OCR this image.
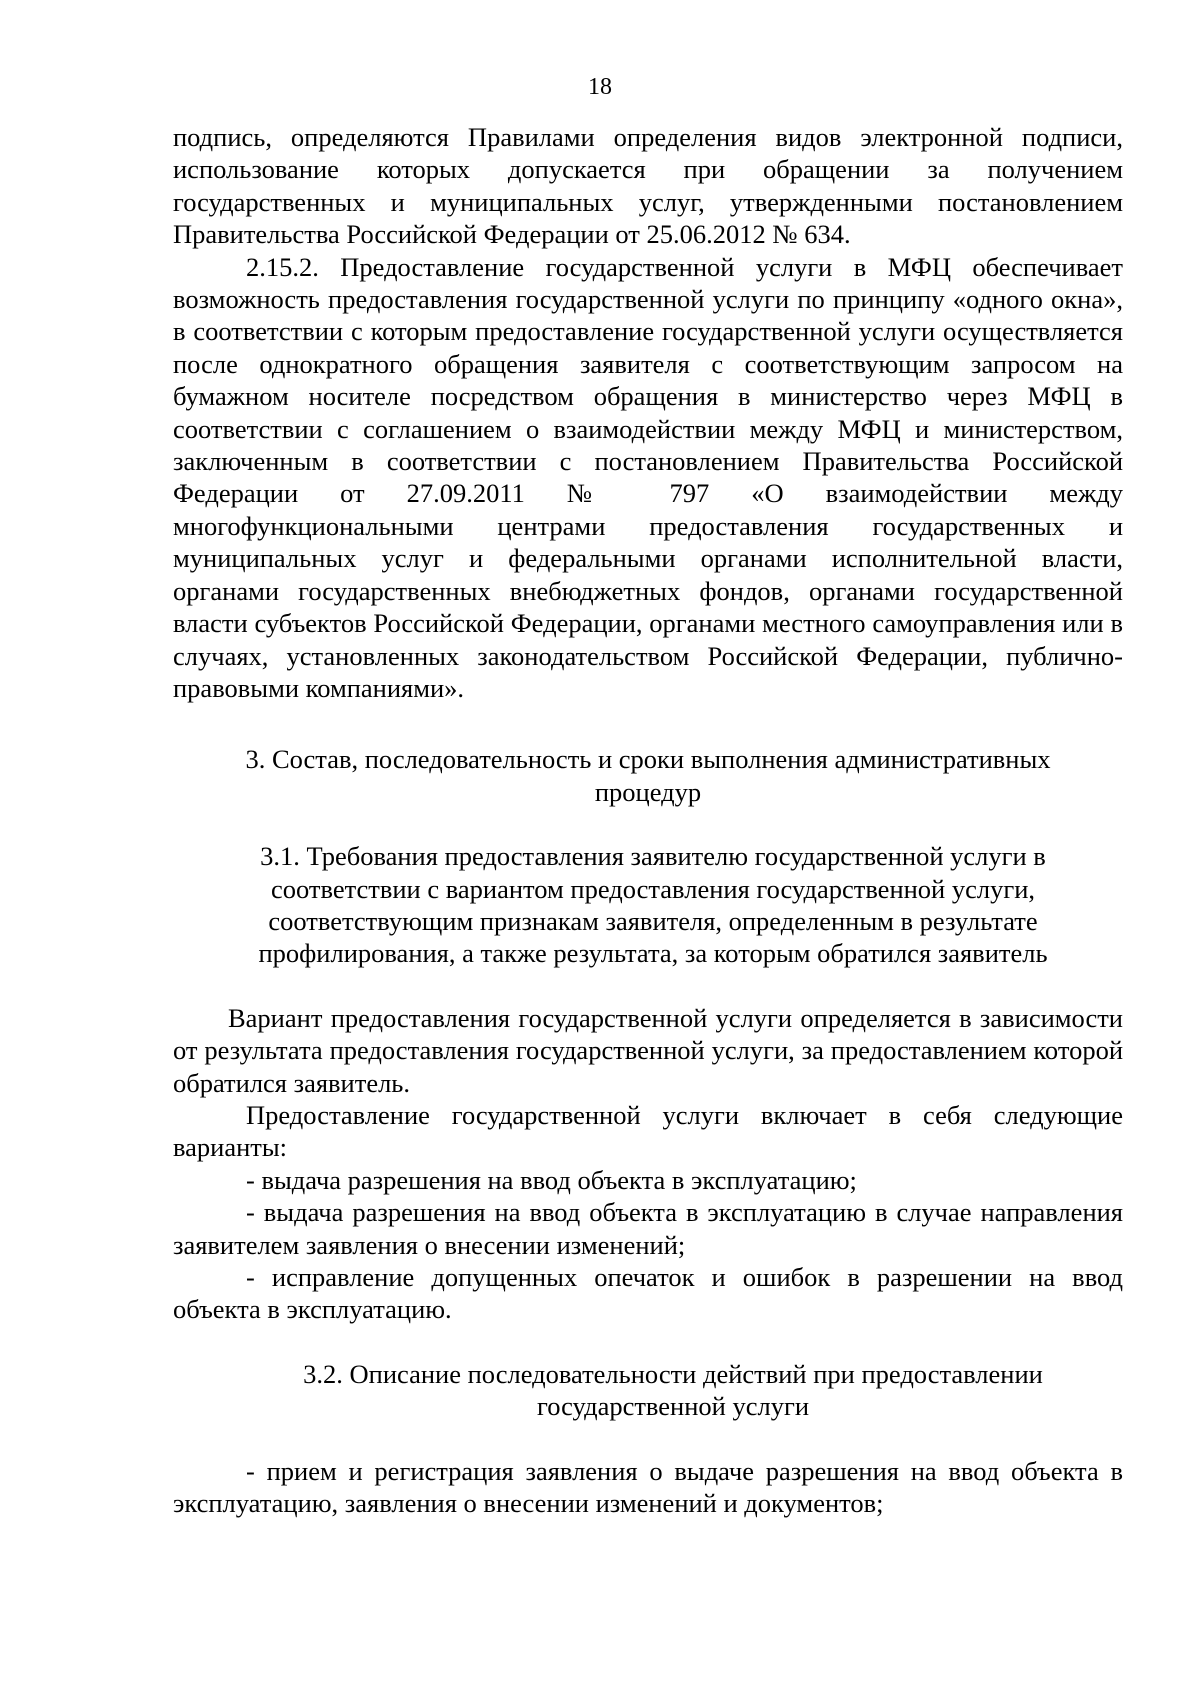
18

подпись, определяются Правилами определения видов электронной подписи, использование которых допускается при обращении за получением государственных и муниципальных услуг, утвержденными постановлением Правительства Российской Федерации от 25.06.2012 № 634.

2.15.2. Предоставление государственной услуги в МФЦ обеспечивает возможность предоставления государственной услуги по принципу «одного окна», в соответствии с которым предоставление государственной услуги осуществляется после однократного обращения заявителя с соответствующим запросом на бумажном носителе посредством обращения в министерство через МФЦ в соответствии с соглашением о взаимодействии между МФЦ и министерством, заключенным в соответствии с постановлением Правительства Российской Федерации от 27.09.2011 № 797 «О взаимодействии между многофункциональными центрами предоставления государственных и муниципальных услуг и федеральными органами исполнительной власти, органами государственных внебюджетных фондов, органами государственной власти субъектов Российской Федерации, органами местного самоуправления или в случаях, установленных законодательством Российской Федерации, публично-правовыми компаниями».

3. Состав, последовательность и сроки выполнения административных
процедур
3.1. Требования предоставления заявителю государственной услуги в
соответствии с вариантом предоставления государственной услуги,
соответствующим признакам заявителя, определенным в результате
профилирования, а также результата, за которым обратился заявитель

Вариант предоставления государственной услуги определяется в зависимости от результата предоставления государственной услуги, за предоставлением которой обратился заявитель.

Предоставление государственной услуги включает в себя следующие варианты:

- выдача разрешения на ввод объекта в эксплуатацию;

- выдача разрешения на ввод объекта в эксплуатацию в случае направления заявителем заявления о внесении изменений;

- исправление допущенных опечаток и ошибок в разрешении на ввод объекта в эксплуатацию.

3.2. Описание последовательности действий при предоставлении
государственной услуги

- прием и регистрация заявления о выдаче разрешения на ввод объекта в эксплуатацию, заявления о внесении изменений и документов;
